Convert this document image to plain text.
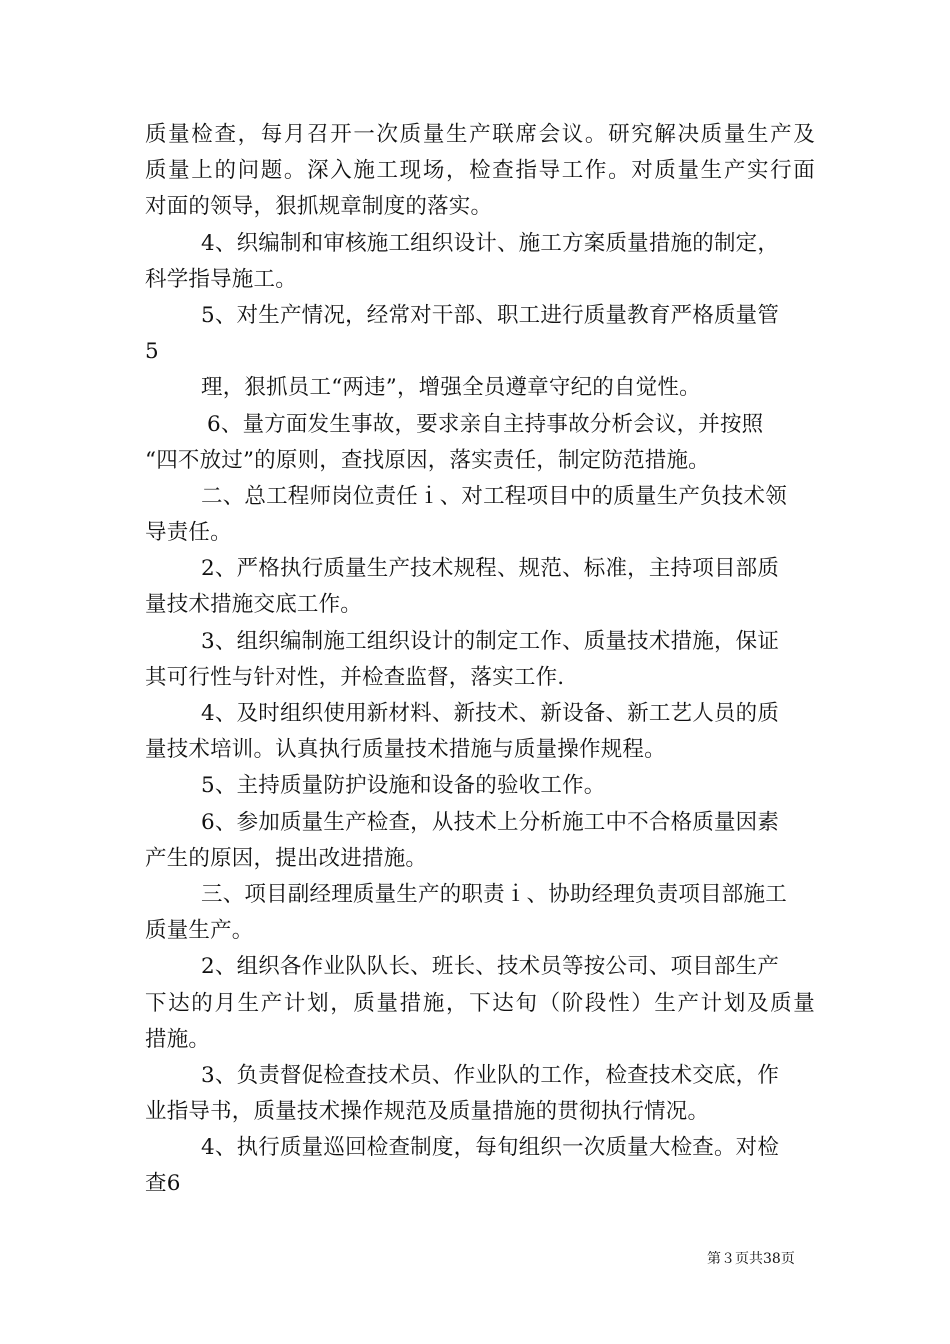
质量检查，每月召开一次质量生产联席会议。研究解决质量生产及
质量上的问题。深入施工现场，检查指导工作。对质量生产实行面
对面的领导，狠抓规章制度的落实。
4、织编制和审核施工组织设计、施工方案质量措施的制定，
科学指导施工。
5、对生产情况，经常对干部、职工进行质量教育严格质量管
5
理，狠抓员工“两违”，增强全员遵章守纪的自觉性。
6、量方面发生事故，要求亲自主持事故分析会议，并按照
“四不放过”的原则，查找原因，落实责任，制定防范措施。
二、总工程师岗位责任ｉ、对工程项目中的质量生产负技术领
导责任。
2、严格执行质量生产技术规程、规范、标准，主持项目部质
量技术措施交底工作。
3、组织编制施工组织设计的制定工作、质量技术措施，保证
其可行性与针对性，并检查监督，落实工作.
4、及时组织使用新材料、新技术、新设备、新工艺人员的质
量技术培训。认真执行质量技术措施与质量操作规程。
5、主持质量防护设施和设备的验收工作。
6、参加质量生产检查，从技术上分析施工中不合格质量因素
产生的原因，提出改进措施。
三、项目副经理质量生产的职责ｉ、协助经理负责项目部施工
质量生产。
2、组织各作业队队长、班长、技术员等按公司、项目部生产
下达的月生产计划，质量措施，下达旬（阶段性）生产计划及质量
措施。
3、负责督促检查技术员、作业队的工作，检查技术交底，作
业指导书，质量技术操作规范及质量措施的贯彻执行情况。
4、执行质量巡回检查制度，每旬组织一次质量大检查。对检
查6
第３页共38页
